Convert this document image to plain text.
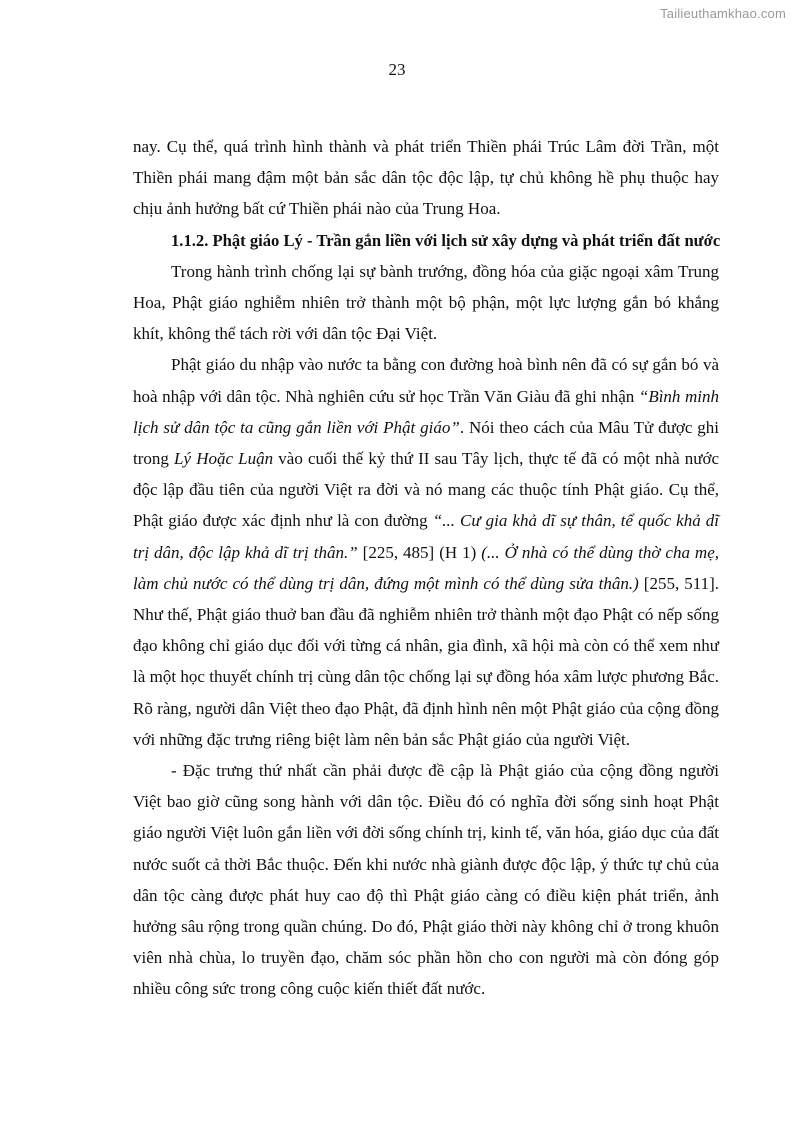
Tailieuthamkhao.com
23

nay. Cụ thể, quá trình hình thành và phát triển Thiền phái Trúc Lâm đời Trần, một Thiền phái mang đậm một bản sắc dân tộc độc lập, tự chủ không hề phụ thuộc hay chịu ảnh hưởng bất cứ Thiền phái nào của Trung Hoa.

1.1.2. Phật giáo Lý - Trần gắn liền với lịch sử xây dựng và phát triển đất nước

Trong hành trình chống lại sự bành trướng, đồng hóa của giặc ngoại xâm Trung Hoa, Phật giáo nghiễm nhiên trở thành một bộ phận, một lực lượng gắn bó khắng khít, không thể tách rời với dân tộc Đại Việt.

Phật giáo du nhập vào nước ta bằng con đường hoà bình nên đã có sự gắn bó và hoà nhập với dân tộc. Nhà nghiên cứu sử học Trần Văn Giàu đã ghi nhận “Bình minh lịch sử dân tộc ta cũng gắn liền với Phật giáo”. Nói theo cách của Mâu Tử được ghi trong Lý Hoặc Luận vào cuối thế kỷ thứ II sau Tây lịch, thực tế đã có một nhà nước độc lập đầu tiên của người Việt ra đời và nó mang các thuộc tính Phật giáo. Cụ thể, Phật giáo được xác định như là con đường “... Cư gia khả dĩ sự thân, tể quốc khả dĩ trị dân, độc lập khả dĩ trị thân.” [225, 485] (H 1) (... Ở nhà có thể dùng thờ cha mẹ, làm chủ nước có thể dùng trị dân, đứng một mình có thể dùng sửa thân.) [255, 511]. Như thế, Phật giáo thuở ban đầu đã nghiễm nhiên trở thành một đạo Phật có nếp sống đạo không chỉ giáo dục đối với từng cá nhân, gia đình, xã hội mà còn có thể xem như là một học thuyết chính trị cùng dân tộc chống lại sự đồng hóa xâm lược phương Bắc. Rõ ràng, người dân Việt theo đạo Phật, đã định hình nên một Phật giáo của cộng đồng với những đặc trưng riêng biệt làm nên bản sắc Phật giáo của người Việt.

- Đặc trưng thứ nhất cần phải được đề cập là Phật giáo của cộng đồng người Việt bao giờ cũng song hành với dân tộc. Điều đó có nghĩa đời sống sinh hoạt Phật giáo người Việt luôn gắn liền với đời sống chính trị, kinh tế, văn hóa, giáo dục của đất nước suốt cả thời Bắc thuộc. Đến khi nước nhà giành được độc lập, ý thức tự chủ của dân tộc càng được phát huy cao độ thì Phật giáo càng có điều kiện phát triển, ảnh hưởng sâu rộng trong quần chúng. Do đó, Phật giáo thời này không chỉ ở trong khuôn viên nhà chùa, lo truyền đạo, chăm sóc phần hồn cho con người mà còn đóng góp nhiều công sức trong công cuộc kiến thiết đất nước.
